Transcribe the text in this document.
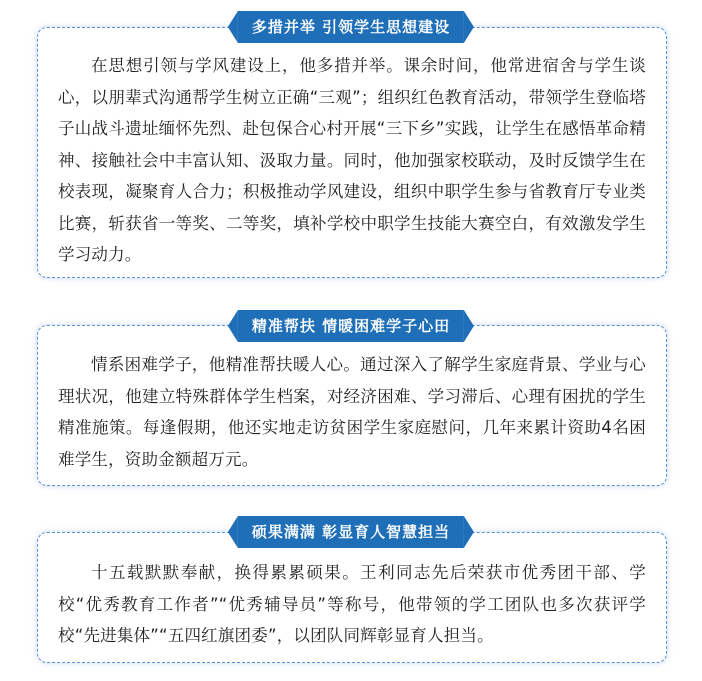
多措并举 引领学生思想建设

在思想引领与学风建设上，他多措并举。课余时间，他常进宿舍与学生谈心，以朋辈式沟通帮学生树立正确“三观”；组织红色教育活动，带领学生登临塔子山战斗遗址缅怀先烈、赴包保合心村开展“三下乡”实践，让学生在感悟革命精神、接触社会中丰富认知、汲取力量。同时，他加强家校联动，及时反馈学生在校表现，凝聚育人合力；积极推动学风建设，组织中职学生参与省教育厅专业类比赛，斩获省一等奖、二等奖，填补学校中职学生技能大赛空白，有效激发学生学习动力。

精准帮扶 情暖困难学子心田

情系困难学子，他精准帮扶暖人心。通过深入了解学生家庭背景、学业与心理状况，他建立特殊群体学生档案，对经济困难、学习滞后、心理有困扰的学生精准施策。每逢假期，他还实地走访贫困学生家庭慰问，几年来累计资助4名困难学生，资助金额超万元。

硕果满满 彰显育人智慧担当

十五载默默奉献，换得累累硕果。王利同志先后荣获市优秀团干部、学校“优秀教育工作者”“优秀辅导员”等称号，他带领的学工团队也多次获评学校“先进集体”“五四红旗团委”，以团队同辉彰显育人担当。
